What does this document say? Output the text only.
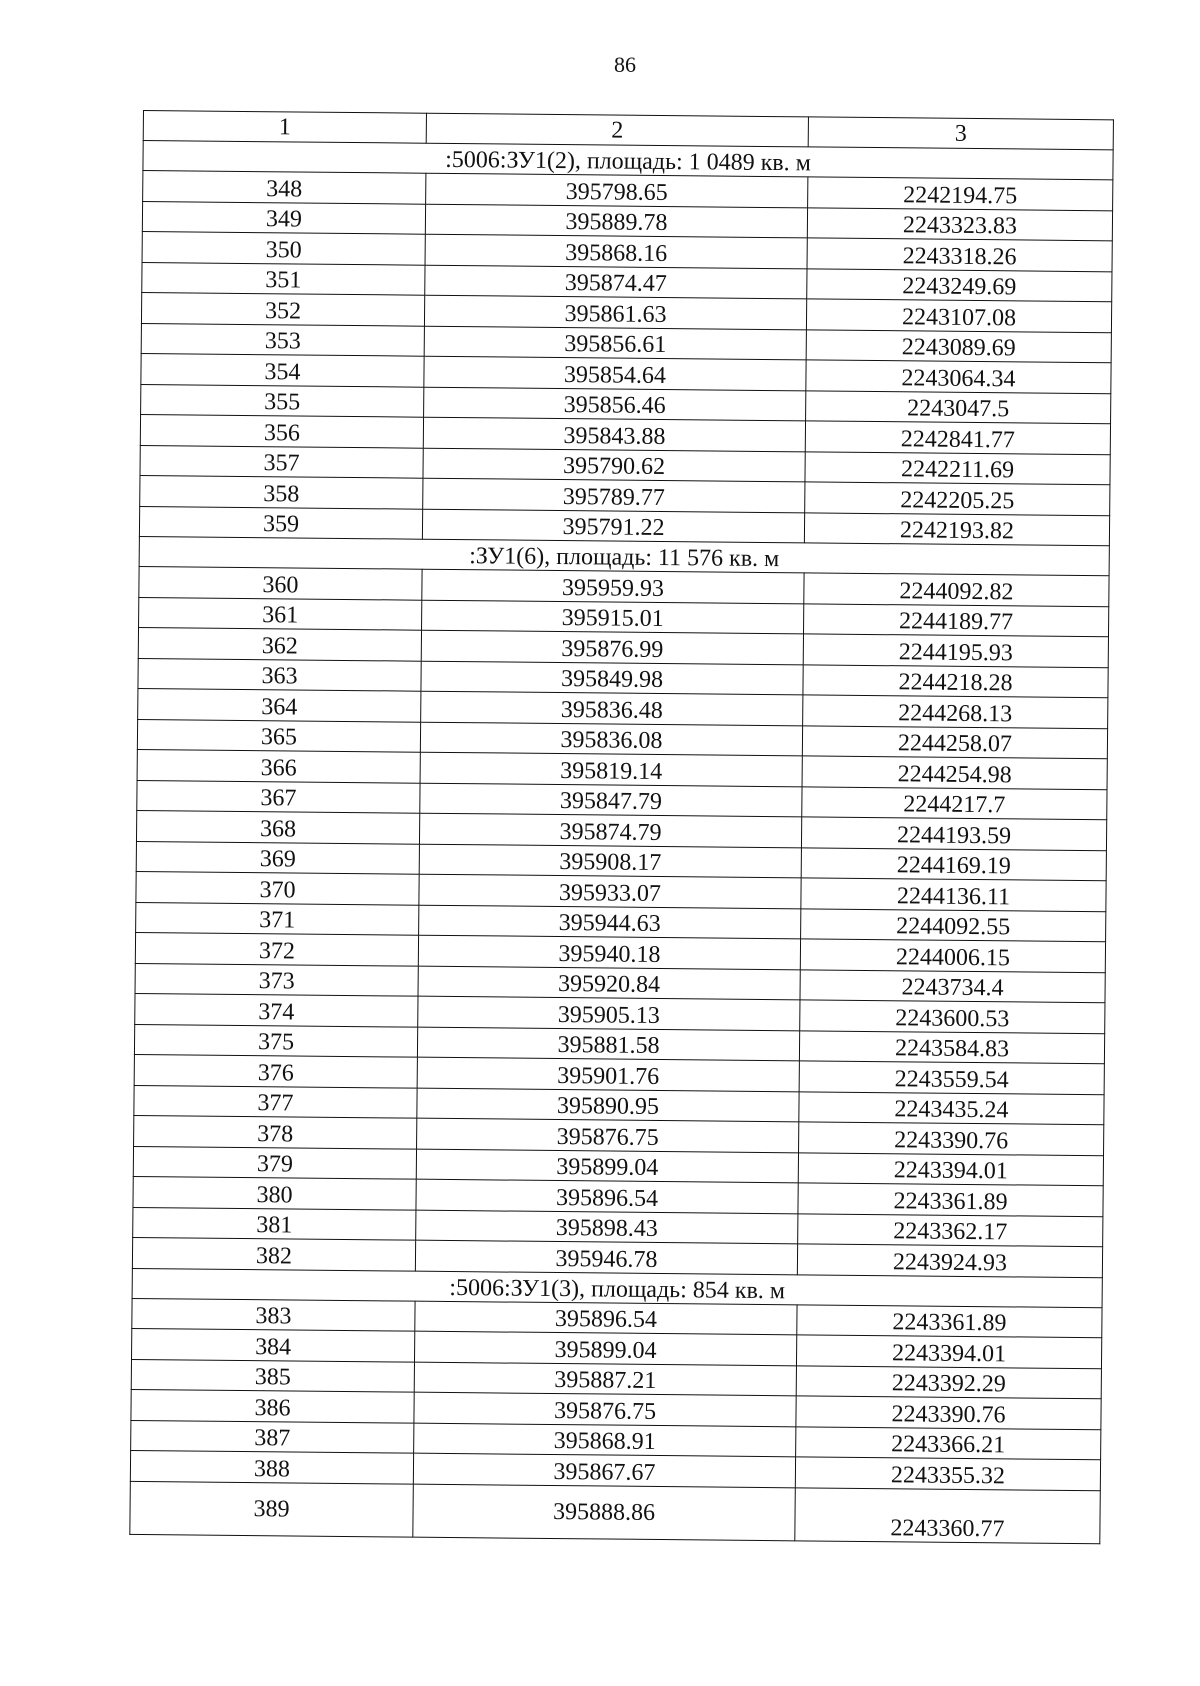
86
1	2	3
:5006:ЗУ1(2), площадь: 1 0489 кв. м		
348	395798.65	2242194.75
349	395889.78	2243323.83
350	395868.16	2243318.26
351	395874.47	2243249.69
352	395861.63	2243107.08
353	395856.61	2243089.69
354	395854.64	2243064.34
355	395856.46	2243047.5
356	395843.88	2242841.77
357	395790.62	2242211.69
358	395789.77	2242205.25
359	395791.22	2242193.82
:ЗУ1(6), площадь: 11 576 кв. м		
360	395959.93	2244092.82
361	395915.01	2244189.77
362	395876.99	2244195.93
363	395849.98	2244218.28
364	395836.48	2244268.13
365	395836.08	2244258.07
366	395819.14	2244254.98
367	395847.79	2244217.7
368	395874.79	2244193.59
369	395908.17	2244169.19
370	395933.07	2244136.11
371	395944.63	2244092.55
372	395940.18	2244006.15
373	395920.84	2243734.4
374	395905.13	2243600.53
375	395881.58	2243584.83
376	395901.76	2243559.54
377	395890.95	2243435.24
378	395876.75	2243390.76
379	395899.04	2243394.01
380	395896.54	2243361.89
381	395898.43	2243362.17
382	395946.78	2243924.93
:5006:ЗУ1(3), площадь: 854 кв. м		
383	395896.54	2243361.89
384	395899.04	2243394.01
385	395887.21	2243392.29
386	395876.75	2243390.76
387	395868.91	2243366.21
388	395867.67	2243355.32
389	395888.86	2243360.77
